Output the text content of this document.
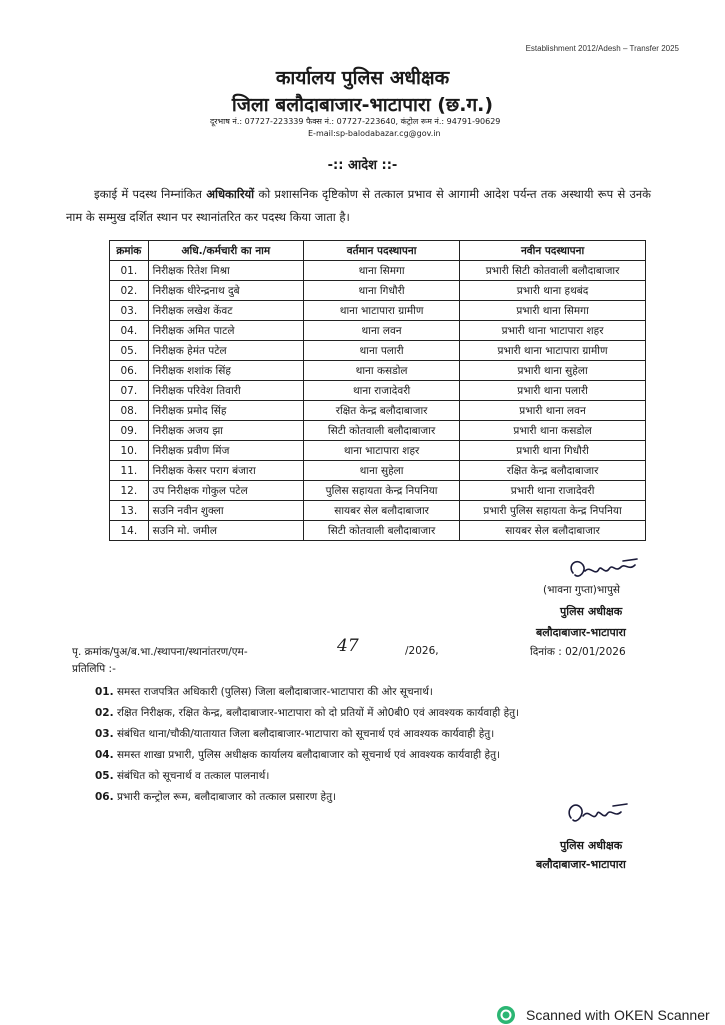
Establishment 2012/Adesh – Transfer 2025
कार्यालय पुलिस अधीक्षक
जिला बलौदाबाजार-भाटापारा (छ.ग.)
दूरभाष नं.: 07727-223339 फैक्स नं.: 07727-223640, कंट्रोल रूम नं.: 94791-90629
E-mail:sp-balodabazar.cg@gov.in
-:: आदेश ::-
इकाई में पदस्थ निम्नांकित अधिकारियों को प्रशासनिक दृष्टिकोण से तत्काल प्रभाव से आगामी आदेश पर्यन्त तक अस्थायी रूप से उनके नाम के सम्मुख दर्शित स्थान पर स्थानांतरित कर पदस्थ किया जाता है।
क्रमांक	अधि./कर्मचारी का नाम	वर्तमान पदस्थापना	नवीन पदस्थापना
01.	निरीक्षक रितेश मिश्रा	थाना सिमगा	प्रभारी सिटी कोतवाली बलौदाबाजार
02.	निरीक्षक धीरेन्द्रनाथ दुबे	थाना गिधौरी	प्रभारी थाना हथबंद
03.	निरीक्षक लखेश केंवट	थाना भाटापारा ग्रामीण	प्रभारी थाना सिमगा
04.	निरीक्षक अमित पाटले	थाना लवन	प्रभारी थाना भाटापारा शहर
05.	निरीक्षक हेमंत पटेल	थाना पलारी	प्रभारी थाना भाटापारा ग्रामीण
06.	निरीक्षक शशांक सिंह	थाना कसडोल	प्रभारी थाना सुहेला
07.	निरीक्षक परिवेश तिवारी	थाना राजादेवरी	प्रभारी थाना पलारी
08.	निरीक्षक प्रमोद सिंह	रक्षित केन्द्र बलौदाबाजार	प्रभारी थाना लवन
09.	निरीक्षक अजय झा	सिटी कोतवाली बलौदाबाजार	प्रभारी थाना कसडोल
10.	निरीक्षक प्रवीण मिंज	थाना भाटापारा शहर	प्रभारी थाना गिधौरी
11.	निरीक्षक केसर पराग बंजारा	थाना सुहेला	रक्षित केन्द्र बलौदाबाजार
12.	उप निरीक्षक गोकुल पटेल	पुलिस सहायता केन्द्र निपनिया	प्रभारी थाना राजादेवरी
13.	सउनि नवीन शुक्ला	सायबर सेल बलौदाबाजार	प्रभारी पुलिस सहायता केन्द्र निपनिया
14.	सउनि मो. जमील	सिटी कोतवाली बलौदाबाजार	सायबर सेल बलौदाबाजार
(भावना गुप्ता)भापुसे
पुलिस अधीक्षक
बलौदाबाजार-भाटापारा
पृ. क्रमांक/पुअ/ब.भा./स्थापना/स्थानांतरण/एम-	47	/2026,	दिनांक : 02/01/2026
प्रतिलिपि :-
01. समस्त राजपत्रित अधिकारी (पुलिस) जिला बलौदाबाजार-भाटापारा की ओर सूचनार्थ।
02. रक्षित निरीक्षक, रक्षित केन्द्र, बलौदाबाजार-भाटापारा को दो प्रतियों में ओ0बी0 एवं आवश्यक कार्यवाही हेतु।
03. संबंधित थाना/चौकी/यातायात जिला बलौदाबाजार-भाटापारा को सूचनार्थ एवं आवश्यक कार्यवाही हेतु।
04. समस्त शाखा प्रभारी, पुलिस अधीक्षक कार्यालय बलौदाबाजार को सूचनार्थ एवं आवश्यक कार्यवाही हेतु।
05. संबंधित को सूचनार्थ व तत्काल पालनार्थ।
06. प्रभारी कन्ट्रोल रूम, बलौदाबाजार को तत्काल प्रसारण हेतु।
पुलिस अधीक्षक
बलौदाबाजार-भाटापारा
Scanned with OKEN Scanner
